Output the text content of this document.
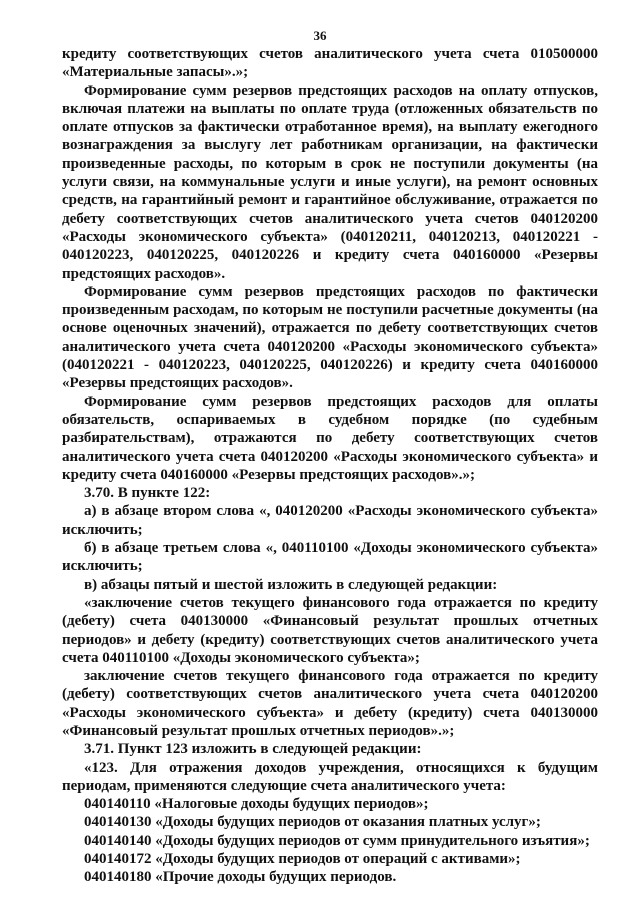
36

кредиту соответствующих счетов аналитического учета счета 010500000 «Материальные запасы».»;

Формирование сумм резервов предстоящих расходов на оплату отпусков, включая платежи на выплаты по оплате труда (отложенных обязательств по оплате отпусков за фактически отработанное время), на выплату ежегодного вознаграждения за выслугу лет работникам организации, на фактически произведенные расходы, по которым в срок не поступили документы (на услуги связи, на коммунальные услуги и иные услуги), на ремонт основных средств, на гарантийный ремонт и гарантийное обслуживание, отражается по дебету соответствующих счетов аналитического учета счетов 040120200 «Расходы экономического субъекта» (040120211, 040120213, 040120221 - 040120223, 040120225, 040120226 и кредиту счета 040160000 «Резервы предстоящих расходов».

Формирование сумм резервов предстоящих расходов по фактически произведенным расходам, по которым не поступили расчетные документы (на основе оценочных значений), отражается по дебету соответствующих счетов аналитического учета счета 040120200 «Расходы экономического субъекта» (040120221 - 040120223, 040120225, 040120226) и кредиту счета 040160000 «Резервы предстоящих расходов».

Формирование сумм резервов предстоящих расходов для оплаты обязательств, оспариваемых в судебном порядке (по судебным разбирательствам), отражаются по дебету соответствующих счетов аналитического учета счета 040120200 «Расходы экономического субъекта» и кредиту счета 040160000 «Резервы предстоящих расходов».»;

3.70. В пункте 122:

а) в абзаце втором слова «, 040120200 «Расходы экономического субъекта» исключить;

б) в абзаце третьем слова «, 040110100 «Доходы экономического субъекта» исключить;

в) абзацы пятый и шестой изложить в следующей редакции:

«заключение счетов текущего финансового года отражается по кредиту (дебету) счета 040130000 «Финансовый результат прошлых отчетных периодов» и дебету (кредиту) соответствующих счетов аналитического учета счета 040110100 «Доходы экономического субъекта»;

заключение счетов текущего финансового года отражается по кредиту (дебету) соответствующих счетов аналитического учета счета 040120200 «Расходы экономического субъекта» и дебету (кредиту) счета 040130000 «Финансовый результат прошлых отчетных периодов».»;

3.71. Пункт 123 изложить в следующей редакции:

«123. Для отражения доходов учреждения, относящихся к будущим периодам, применяются следующие счета аналитического учета:

040140110 «Налоговые доходы будущих периодов»;

040140130 «Доходы будущих периодов от оказания платных услуг»;

040140140 «Доходы будущих периодов от сумм принудительного изъятия»;

040140172 «Доходы будущих периодов от операций с активами»;

040140180 «Прочие доходы будущих периодов.
